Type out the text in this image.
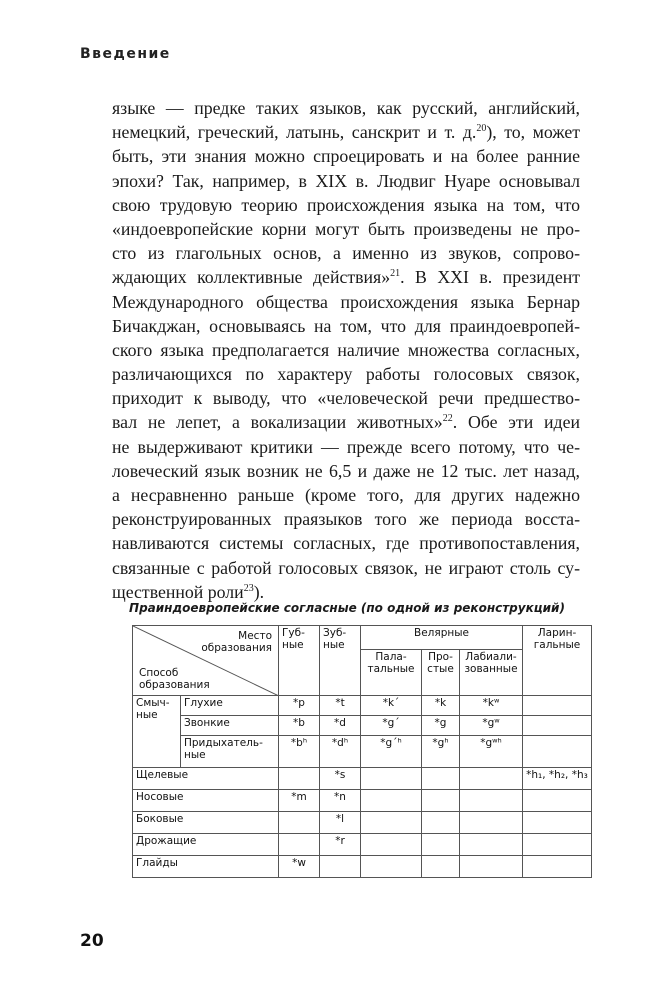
Введение
языке — предке таких языков, как русский, английский,
немецкий, греческий, латынь, санскрит и т. д.$^{20}$), то, может
быть, эти знания можно спроецировать и на более ранние
эпохи? Так, например, в XIX в. Людвиг Нуаре основывал
свою трудовую теорию происхождения языка на том, что
«индоевропейские корни могут быть произведены не про-
сто из глагольных основ, а именно из звуков, сопрово-
ждающих коллективные действия»$^{21}$. В XXI в. президент
Международного общества происхождения языка Бернар
Бичакджан, основываясь на том, что для праиндоевропей-
ского языка предполагается наличие множества согласных,
различающихся по характеру работы голосовых связок,
приходит к выводу, что «человеческой речи предшество-
вал не лепет, а вокализации животных»$^{22}$. Обе эти идеи
не выдерживают критики — прежде всего потому, что че-
ловеческий язык возник не 6,5 и даже не 12 тыс. лет назад,
а несравненно раньше (кроме того, для других надежно
реконструированных праязыков того же периода восста-
навливаются системы согласных, где противопоставления,
связанные с работой голосовых связок, не играют столь су-
щественной роли$^{23}$).
Праиндоевропейские согласные (по одной из реконструкций)
Место образования
Способ образования		Губные	Зубные	Велярные			Ларингальные
				Палатальные	Простые	Лабиализованные	
Смычные	Глухие	*p	*t	*k´	*k	*kʷ	
	Звонкие	*b	*d	*g´	*g	*gʷ	
	Придыхательные	*bʰ	*dʰ	*g´ʰ	*gʰ	*gʷʰ	
Щелевые			*s				*h₁, *h₂, *h₃
Носовые		*m	*n				
Боковые			*l				
Дрожащие			*r				
Глайды		*w					
20
